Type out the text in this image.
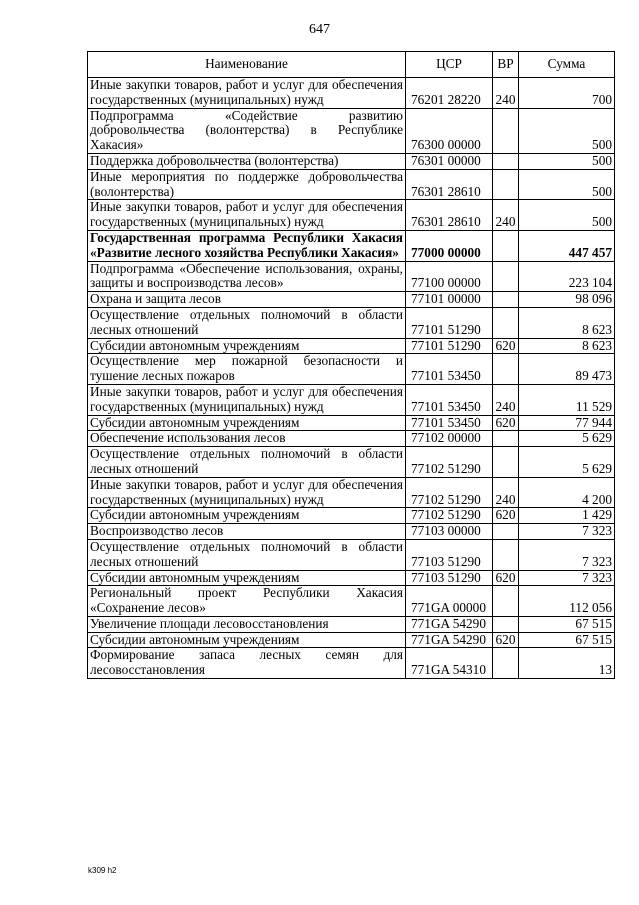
647
Наименование	ЦСР	ВР	Сумма
Иные закупки товаров, работ и услуг для обеспечения государственных (муниципальных) нужд	76201 28220	240	700
Подпрограмма «Содействие развитию добровольчества (волонтерства) в Республике Хакасия»	76300 00000		500
Поддержка добровольчества (волонтерства)	76301 00000		500
Иные мероприятия по поддержке добровольчества (волонтерства)	76301 28610		500
Иные закупки товаров, работ и услуг для обеспечения государственных (муниципальных) нужд	76301 28610	240	500
Государственная программа Республики Хакасия «Развитие лесного хозяйства Республики Хакасия»	77000 00000		447 457
Подпрограмма «Обеспечение использования, охраны, защиты и воспроизводства лесов»	77100 00000		223 104
Охрана и защита лесов	77101 00000		98 096
Осуществление отдельных полномочий в области лесных отношений	77101 51290		8 623
Субсидии автономным учреждениям	77101 51290	620	8 623
Осуществление мер пожарной безопасности и тушение лесных пожаров	77101 53450		89 473
Иные закупки товаров, работ и услуг для обеспечения государственных (муниципальных) нужд	77101 53450	240	11 529
Субсидии автономным учреждениям	77101 53450	620	77 944
Обеспечение использования лесов	77102 00000		5 629
Осуществление отдельных полномочий в области лесных отношений	77102 51290		5 629
Иные закупки товаров, работ и услуг для обеспечения государственных (муниципальных) нужд	77102 51290	240	4 200
Субсидии автономным учреждениям	77102 51290	620	1 429
Воспроизводство лесов	77103 00000		7 323
Осуществление отдельных полномочий в области лесных отношений	77103 51290		7 323
Субсидии автономным учреждениям	77103 51290	620	7 323
Региональный проект Республики Хакасия «Сохранение лесов»	771GA 00000		112 056
Увеличение площади лесовосстановления	771GA 54290		67 515
Субсидии автономным учреждениям	771GA 54290	620	67 515
Формирование запаса лесных семян для лесовосстановления	771GA 54310		13
k309 h2
